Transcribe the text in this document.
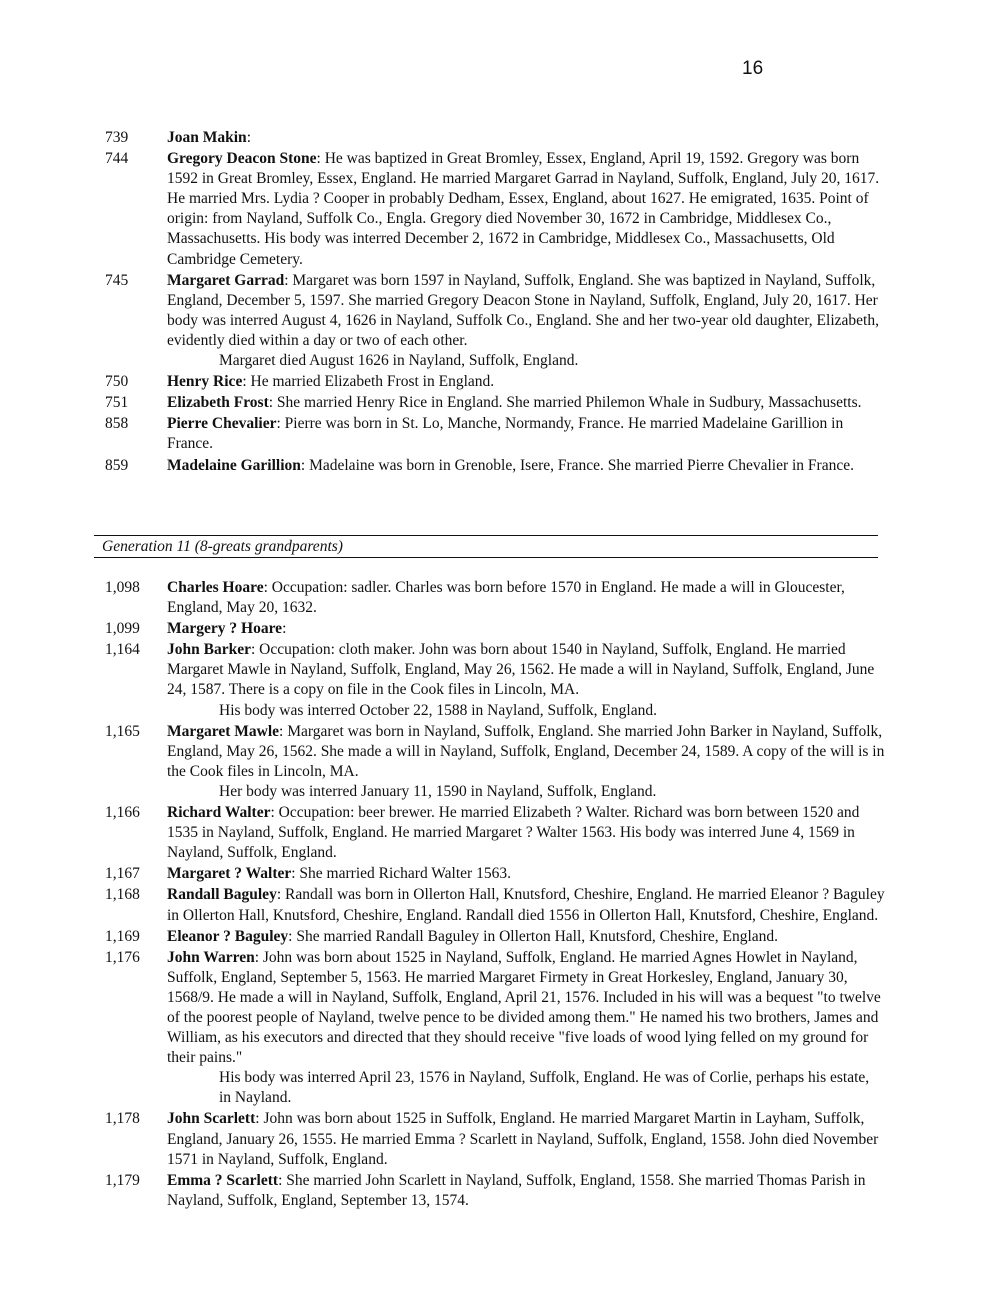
16
739	Joan Makin:
744	Gregory Deacon Stone: He was baptized in Great Bromley, Essex, England, April 19, 1592. Gregory was born 1592 in Great Bromley, Essex, England. He married Margaret Garrad in Nayland, Suffolk, England, July 20, 1617. He married Mrs. Lydia ? Cooper in probably Dedham, Essex, England, about 1627. He emigrated, 1635. Point of origin: from Nayland, Suffolk Co., Engla. Gregory died November 30, 1672 in Cambridge, Middlesex Co., Massachusetts. His body was interred December 2, 1672 in Cambridge, Middlesex Co., Massachusetts, Old Cambridge Cemetery.
745	Margaret Garrad: Margaret was born 1597 in Nayland, Suffolk, England. She was baptized in Nayland, Suffolk, England, December 5, 1597. She married Gregory Deacon Stone in Nayland, Suffolk, England, July 20, 1617. Her body was interred August 4, 1626 in Nayland, Suffolk Co., England. She and her two-year old daughter, Elizabeth, evidently died within a day or two of each other.
Margaret died August 1626 in Nayland, Suffolk, England.
750	Henry Rice: He married Elizabeth Frost in England.
751	Elizabeth Frost: She married Henry Rice in England. She married Philemon Whale in Sudbury, Massachusetts.
858	Pierre Chevalier: Pierre was born in St. Lo, Manche, Normandy, France. He married Madelaine Garillion in France.
859	Madelaine Garillion: Madelaine was born in Grenoble, Isere, France. She married Pierre Chevalier in France.
Generation 11 (8-greats grandparents)
1,098	Charles Hoare: Occupation: sadler. Charles was born before 1570 in England. He made a will in Gloucester, England, May 20, 1632.
1,099	Margery ? Hoare:
1,164	John Barker: Occupation: cloth maker. John was born about 1540 in Nayland, Suffolk, England. He married Margaret Mawle in Nayland, Suffolk, England, May 26, 1562. He made a will in Nayland, Suffolk, England, June 24, 1587. There is a copy on file in the Cook files in Lincoln, MA.
His body was interred October 22, 1588 in Nayland, Suffolk, England.
1,165	Margaret Mawle: Margaret was born in Nayland, Suffolk, England. She married John Barker in Nayland, Suffolk, England, May 26, 1562. She made a will in Nayland, Suffolk, England, December 24, 1589. A copy of the will is in the Cook files in Lincoln, MA.
Her body was interred January 11, 1590 in Nayland, Suffolk, England.
1,166	Richard Walter: Occupation: beer brewer. He married Elizabeth ? Walter. Richard was born between 1520 and 1535 in Nayland, Suffolk, England. He married Margaret ? Walter 1563. His body was interred June 4, 1569 in Nayland, Suffolk, England.
1,167	Margaret ? Walter: She married Richard Walter 1563.
1,168	Randall Baguley: Randall was born in Ollerton Hall, Knutsford, Cheshire, England. He married Eleanor ? Baguley in Ollerton Hall, Knutsford, Cheshire, England. Randall died 1556 in Ollerton Hall, Knutsford, Cheshire, England.
1,169	Eleanor ? Baguley: She married Randall Baguley in Ollerton Hall, Knutsford, Cheshire, England.
1,176	John Warren: John was born about 1525 in Nayland, Suffolk, England. He married Agnes Howlet in Nayland, Suffolk, England, September 5, 1563. He married Margaret Firmety in Great Horkesley, England, January 30, 1568/9. He made a will in Nayland, Suffolk, England, April 21, 1576. Included in his will was a bequest "to twelve of the poorest people of Nayland, twelve pence to be divided among them." He named his two brothers, James and William, as his executors and directed that they should receive "five loads of wood lying felled on my ground for their pains."
His body was interred April 23, 1576 in Nayland, Suffolk, England. He was of Corlie, perhaps his estate, in Nayland.
1,178	John Scarlett: John was born about 1525 in Suffolk, England. He married Margaret Martin in Layham, Suffolk, England, January 26, 1555. He married Emma ? Scarlett in Nayland, Suffolk, England, 1558. John died November 1571 in Nayland, Suffolk, England.
1,179	Emma ? Scarlett: She married John Scarlett in Nayland, Suffolk, England, 1558. She married Thomas Parish in Nayland, Suffolk, England, September 13, 1574.
